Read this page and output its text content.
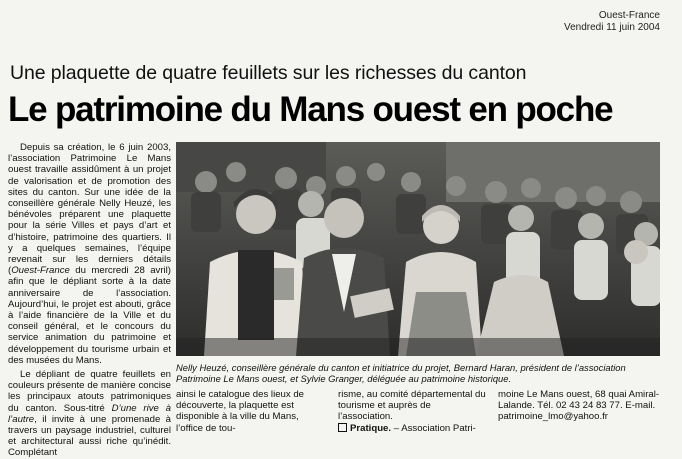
Ouest-France
Vendredi 11 juin 2004
Une plaquette de quatre feuillets sur les richesses du canton
Le patrimoine du Mans ouest en poche

Depuis sa création, le 6 juin 2003, l’association Patrimoine Le Mans ouest travaille assidûment à un projet de valorisation et de promotion des sites du canton. Sur une idée de la conseillère générale Nelly Heuzé, les bénévoles préparent une plaquette pour la série Villes et pays d’art et d’histoire, patrimoine des quartiers. Il y a quelques semaines, l’équipe revenait sur les derniers détails (Ouest-France du mercredi 28 avril) afin que le dépliant sorte à la date anniversaire de l’association. Aujourd’hui, le projet est abouti, grâce à l’aide financière de la Ville et du conseil général, et le concours du service animation du patrimoine et développement du tourisme urbain et des musées du Mans.

Le dépliant de quatre feuillets en couleurs présente de manière concise les principaux atouts patrimoniques du canton. Sous-titré D’une rive à l’autre, il invite à une promenade à travers un paysage industriel, culturel et architectural aussi riche qu’inédit. Complétant

Nelly Heuzé, conseillère générale du canton et initiatrice du projet, Bernard Haran, président de l’association Patrimoine Le Mans ouest, et Sylvie Granger, déléguée au patrimoine historique.
ainsi le catalogue des lieux de découverte, la plaquette est disponible à la ville du Mans, l’office de tou-
risme, au comité départemental du tourisme et auprès de l’association.
Pratique. – Association Patri-
moine Le Mans ouest, 68 quai Amiral-Lalande. Tél. 02 43 24 83 77. E-mail. patrimoine_lmo@yahoo.fr
